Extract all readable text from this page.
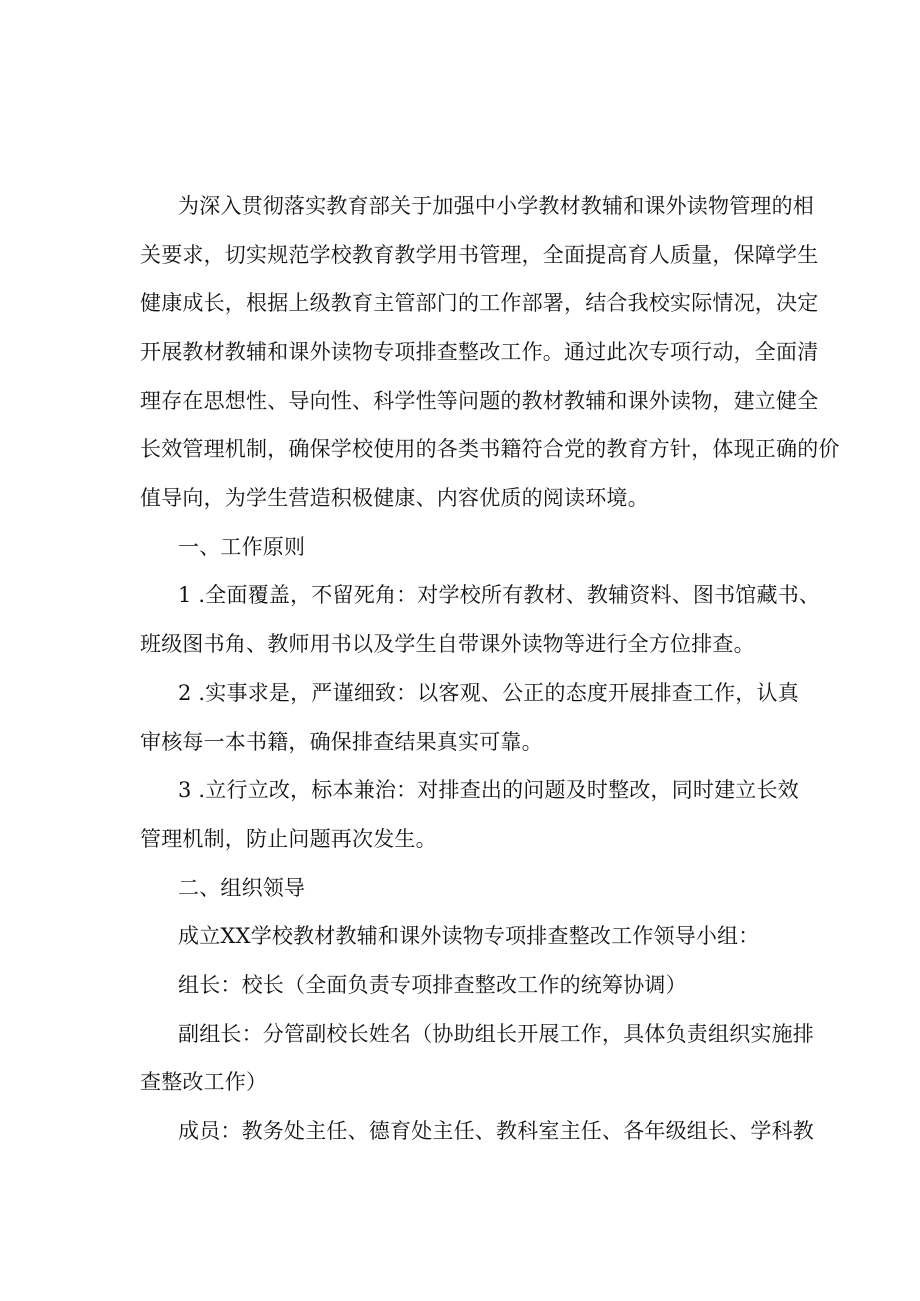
为深入贯彻落实教育部关于加强中小学教材教辅和课外读物管理的相
关要求，切实规范学校教育教学用书管理，全面提高育人质量，保障学生
健康成长，根据上级教育主管部门的工作部署，结合我校实际情况，决定
开展教材教辅和课外读物专项排查整改工作。通过此次专项行动，全面清
理存在思想性、导向性、科学性等问题的教材教辅和课外读物，建立健全
长效管理机制，确保学校使用的各类书籍符合党的教育方针，体现正确的价
值导向，为学生营造积极健康、内容优质的阅读环境。
一、工作原则
1 .全面覆盖，不留死角：对学校所有教材、教辅资料、图书馆藏书、
班级图书角、教师用书以及学生自带课外读物等进行全方位排查。
2 .实事求是，严谨细致：以客观、公正的态度开展排查工作，认真
审核每一本书籍，确保排查结果真实可靠。
3 .立行立改，标本兼治：对排查出的问题及时整改，同时建立长效
管理机制，防止问题再次发生。
二、组织领导
成立XX学校教材教辅和课外读物专项排查整改工作领导小组：
组长：校长（全面负责专项排查整改工作的统筹协调）
副组长：分管副校长姓名（协助组长开展工作，具体负责组织实施排
查整改工作）
成员：教务处主任、德育处主任、教科室主任、各年级组长、学科教
